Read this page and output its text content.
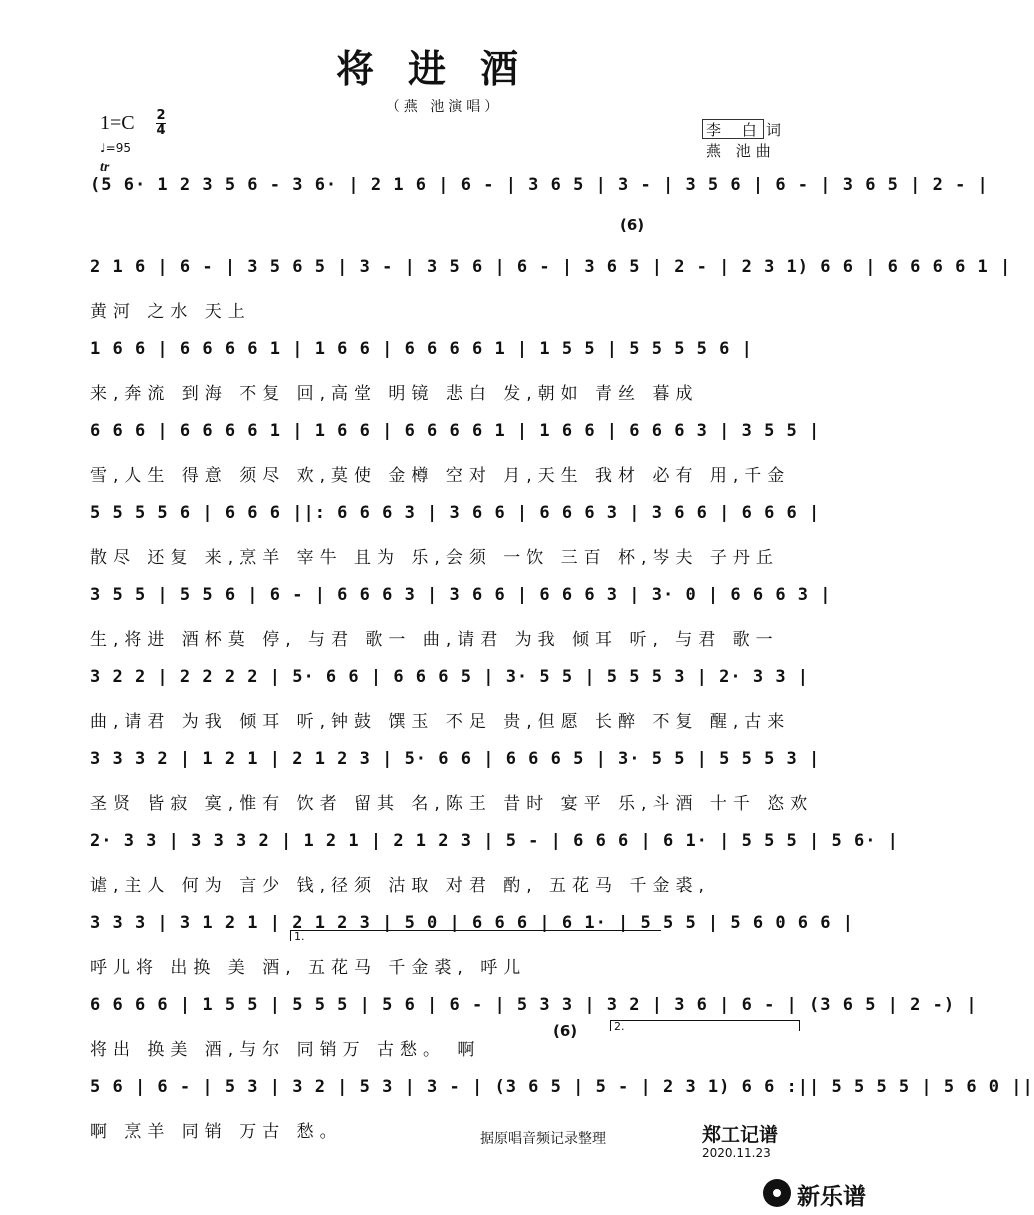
将进酒
（燕 池演唱）
1=C 2
4
♩=95
李 白 词
燕 池曲
tr
(6)
(6)
1.
2.
(5 6· 1 2 3 5 6 - 3 6· | 2 1 6 | 6 - | 3 6 5 | 3 - | 3 5 6 | 6 - | 3 6 5 | 2 - |
2 1 6 | 6 - | 3 5 6 5 | 3 - | 3 5 6 | 6 - | 3 6 5 | 2 - | 2 3 1) 6 6 | 6 6 6 6 1 |
黄河 之水 天上
1 6 6 | 6 6 6 6 1 | 1 6 6 | 6 6 6 6 1 | 1 5 5 | 5 5 5 5 6 |
来,奔流 到海 不复 回,高堂 明镜 悲白 发,朝如 青丝 暮成
6 6 6 | 6 6 6 6 1 | 1 6 6 | 6 6 6 6 1 | 1 6 6 | 6 6 6 3 | 3 5 5 |
雪,人生 得意 须尽 欢,莫使 金樽 空对 月,天生 我材 必有 用,千金
5 5 5 5 6 | 6 6 6 ||: 6 6 6 3 | 3 6 6 | 6 6 6 3 | 3 6 6 | 6 6 6 |
散尽 还复 来,烹羊 宰牛 且为 乐,会须 一饮 三百 杯,岑夫 子丹丘
3 5 5 | 5 5 6 | 6 - | 6 6 6 3 | 3 6 6 | 6 6 6 3 | 3· 0 | 6 6 6 3 |
生,将进 酒杯莫 停, 与君 歌一 曲,请君 为我 倾耳 听, 与君 歌一
3 2 2 | 2 2 2 2 | 5· 6 6 | 6 6 6 5 | 3· 5 5 | 5 5 5 3 | 2· 3 3 |
曲,请君 为我 倾耳 听,钟鼓 馔玉 不足 贵,但愿 长醉 不复 醒,古来
3 3 3 2 | 1 2 1 | 2 1 2 3 | 5· 6 6 | 6 6 6 5 | 3· 5 5 | 5 5 5 3 |
圣贤 皆寂 寞,惟有 饮者 留其 名,陈王 昔时 宴平 乐,斗酒 十千 恣欢
2· 3 3 | 3 3 3 2 | 1 2 1 | 2 1 2 3 | 5 - | 6 6 6 | 6 1· | 5 5 5 | 5 6· |
谑,主人 何为 言少 钱,径须 沽取 对君 酌, 五花马 千金裘,
3 3 3 | 3 1 2 1 | 2 1 2 3 | 5 0 | 6 6 6 | 6 1· | 5 5 5 | 5 6 0 6 6 |
呼儿将 出换 美 酒, 五花马 千金裘, 呼儿
6 6 6 6 | 1 5 5 | 5 5 5 | 5 6 | 6 - | 5 3 3 | 3 2 | 3 6 | 6 - | (3 6 5 | 2 -) |
将出 换美 酒,与尔 同销万 古愁。 啊
5 6 | 6 - | 5 3 | 3 2 | 5 3 | 3 - | (3 6 5 | 5 - | 2 3 1) 6 6 :|| 5 5 5 5 | 5 6 0 ||
啊 烹羊 同销 万古 愁。	据原唱音频记录整理	郑工记谱
2020.11.23
新乐谱
